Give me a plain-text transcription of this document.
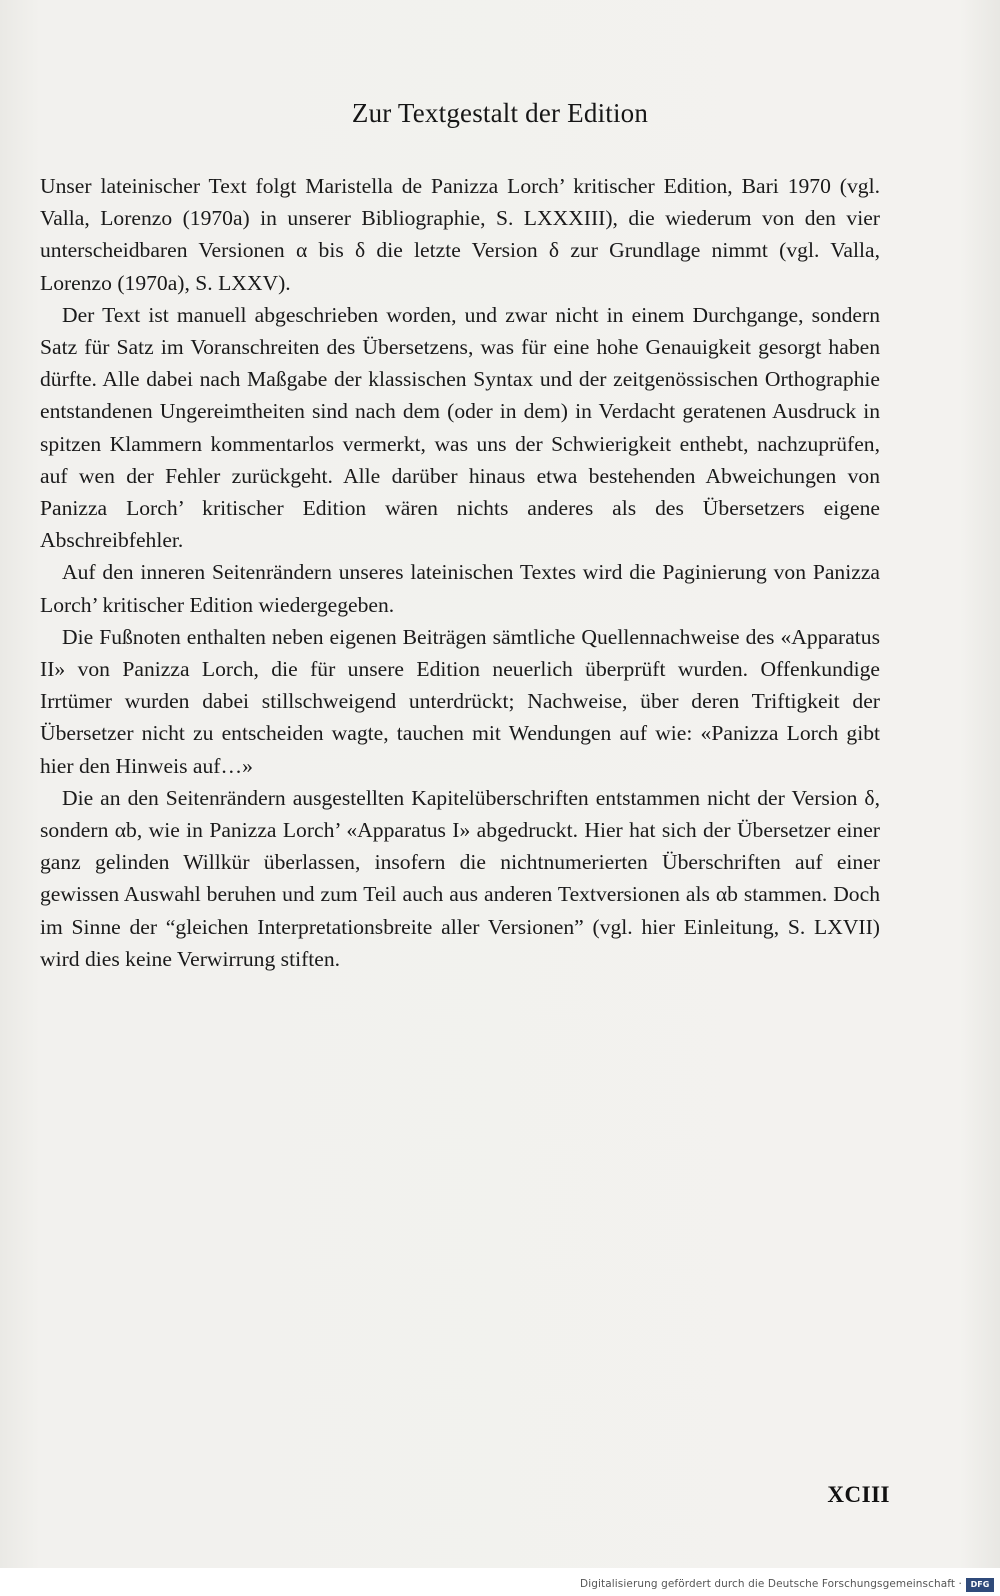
Zur Textgestalt der Edition

Unser lateinischer Text folgt Maristella de Panizza Lorch’ kritischer Edition, Bari 1970 (vgl. Valla, Lorenzo (1970a) in unserer Bibliographie, S. LXXXIII), die wiederum von den vier unterscheidbaren Versionen α bis δ die letzte Version δ zur Grundlage nimmt (vgl. Valla, Lorenzo (1970a), S. LXXV).

Der Text ist manuell abgeschrieben worden, und zwar nicht in einem Durchgange, sondern Satz für Satz im Voranschreiten des Übersetzens, was für eine hohe Genauigkeit gesorgt haben dürfte. Alle dabei nach Maßgabe der klassischen Syntax und der zeitgenössischen Orthographie entstandenen Ungereimtheiten sind nach dem (oder in dem) in Verdacht geratenen Ausdruck in spitzen Klammern kommentarlos vermerkt, was uns der Schwierigkeit enthebt, nachzuprüfen, auf wen der Fehler zurückgeht. Alle darüber hinaus etwa bestehenden Abweichungen von Panizza Lorch’ kritischer Edition wären nichts anderes als des Übersetzers eigene Abschreibfehler.

Auf den inneren Seitenrändern unseres lateinischen Textes wird die Paginierung von Panizza Lorch’ kritischer Edition wiedergegeben.

Die Fußnoten enthalten neben eigenen Beiträgen sämtliche Quellennachweise des «Apparatus II» von Panizza Lorch, die für unsere Edition neuerlich überprüft wurden. Offenkundige Irrtümer wurden dabei stillschweigend unterdrückt; Nachweise, über deren Triftigkeit der Übersetzer nicht zu entscheiden wagte, tauchen mit Wendungen auf wie: «Panizza Lorch gibt hier den Hinweis auf…»

Die an den Seitenrändern ausgestellten Kapitelüberschriften entstammen nicht der Version δ, sondern αb, wie in Panizza Lorch’ «Apparatus I» abgedruckt. Hier hat sich der Übersetzer einer ganz gelinden Willkür überlassen, insofern die nichtnumerierten Überschriften auf einer gewissen Auswahl beruhen und zum Teil auch aus anderen Textversionen als αb stammen. Doch im Sinne der “gleichen Interpretationsbreite aller Versionen” (vgl. hier Einleitung, S. LXVII) wird dies keine Verwirrung stiften.

XCIII
Digitalisierung gefördert durch die Deutsche Forschungsgemeinschaft ·	DFG
